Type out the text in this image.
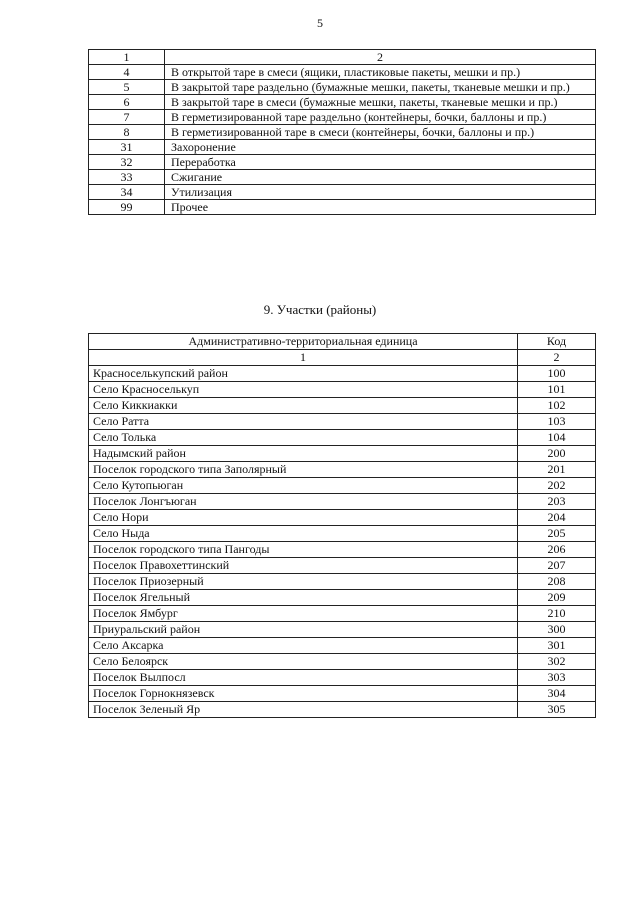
5
1	2
4	В открытой таре в смеси (ящики, пластиковые пакеты, мешки и пр.)
5	В закрытой таре раздельно (бумажные мешки, пакеты, тканевые мешки и пр.)
6	В закрытой таре в смеси (бумажные мешки, пакеты, тканевые мешки и пр.)
7	В герметизированной таре раздельно (контейнеры, бочки, баллоны и пр.)
8	В герметизированной таре в смеси (контейнеры, бочки, баллоны и пр.)
31	Захоронение
32	Переработка
33	Сжигание
34	Утилизация
99	Прочее
9. Участки (районы)
Административно-территориальная единица	Код
1	2
Красноселькупский район	100
Село Красноселькуп	101
Село Киккиакки	102
Село Ратта	103
Село Толька	104
Надымский район	200
Поселок городского типа Заполярный	201
Село Кутопьюган	202
Поселок Лонгъюган	203
Село Нори	204
Село Ныда	205
Поселок городского типа Пангоды	206
Поселок Правохеттинский	207
Поселок Приозерный	208
Поселок Ягельный	209
Поселок Ямбург	210
Приуральский район	300
Село Аксарка	301
Село Белоярск	302
Поселок Вылпосл	303
Поселок Горнокнязевск	304
Поселок Зеленый Яр	305
